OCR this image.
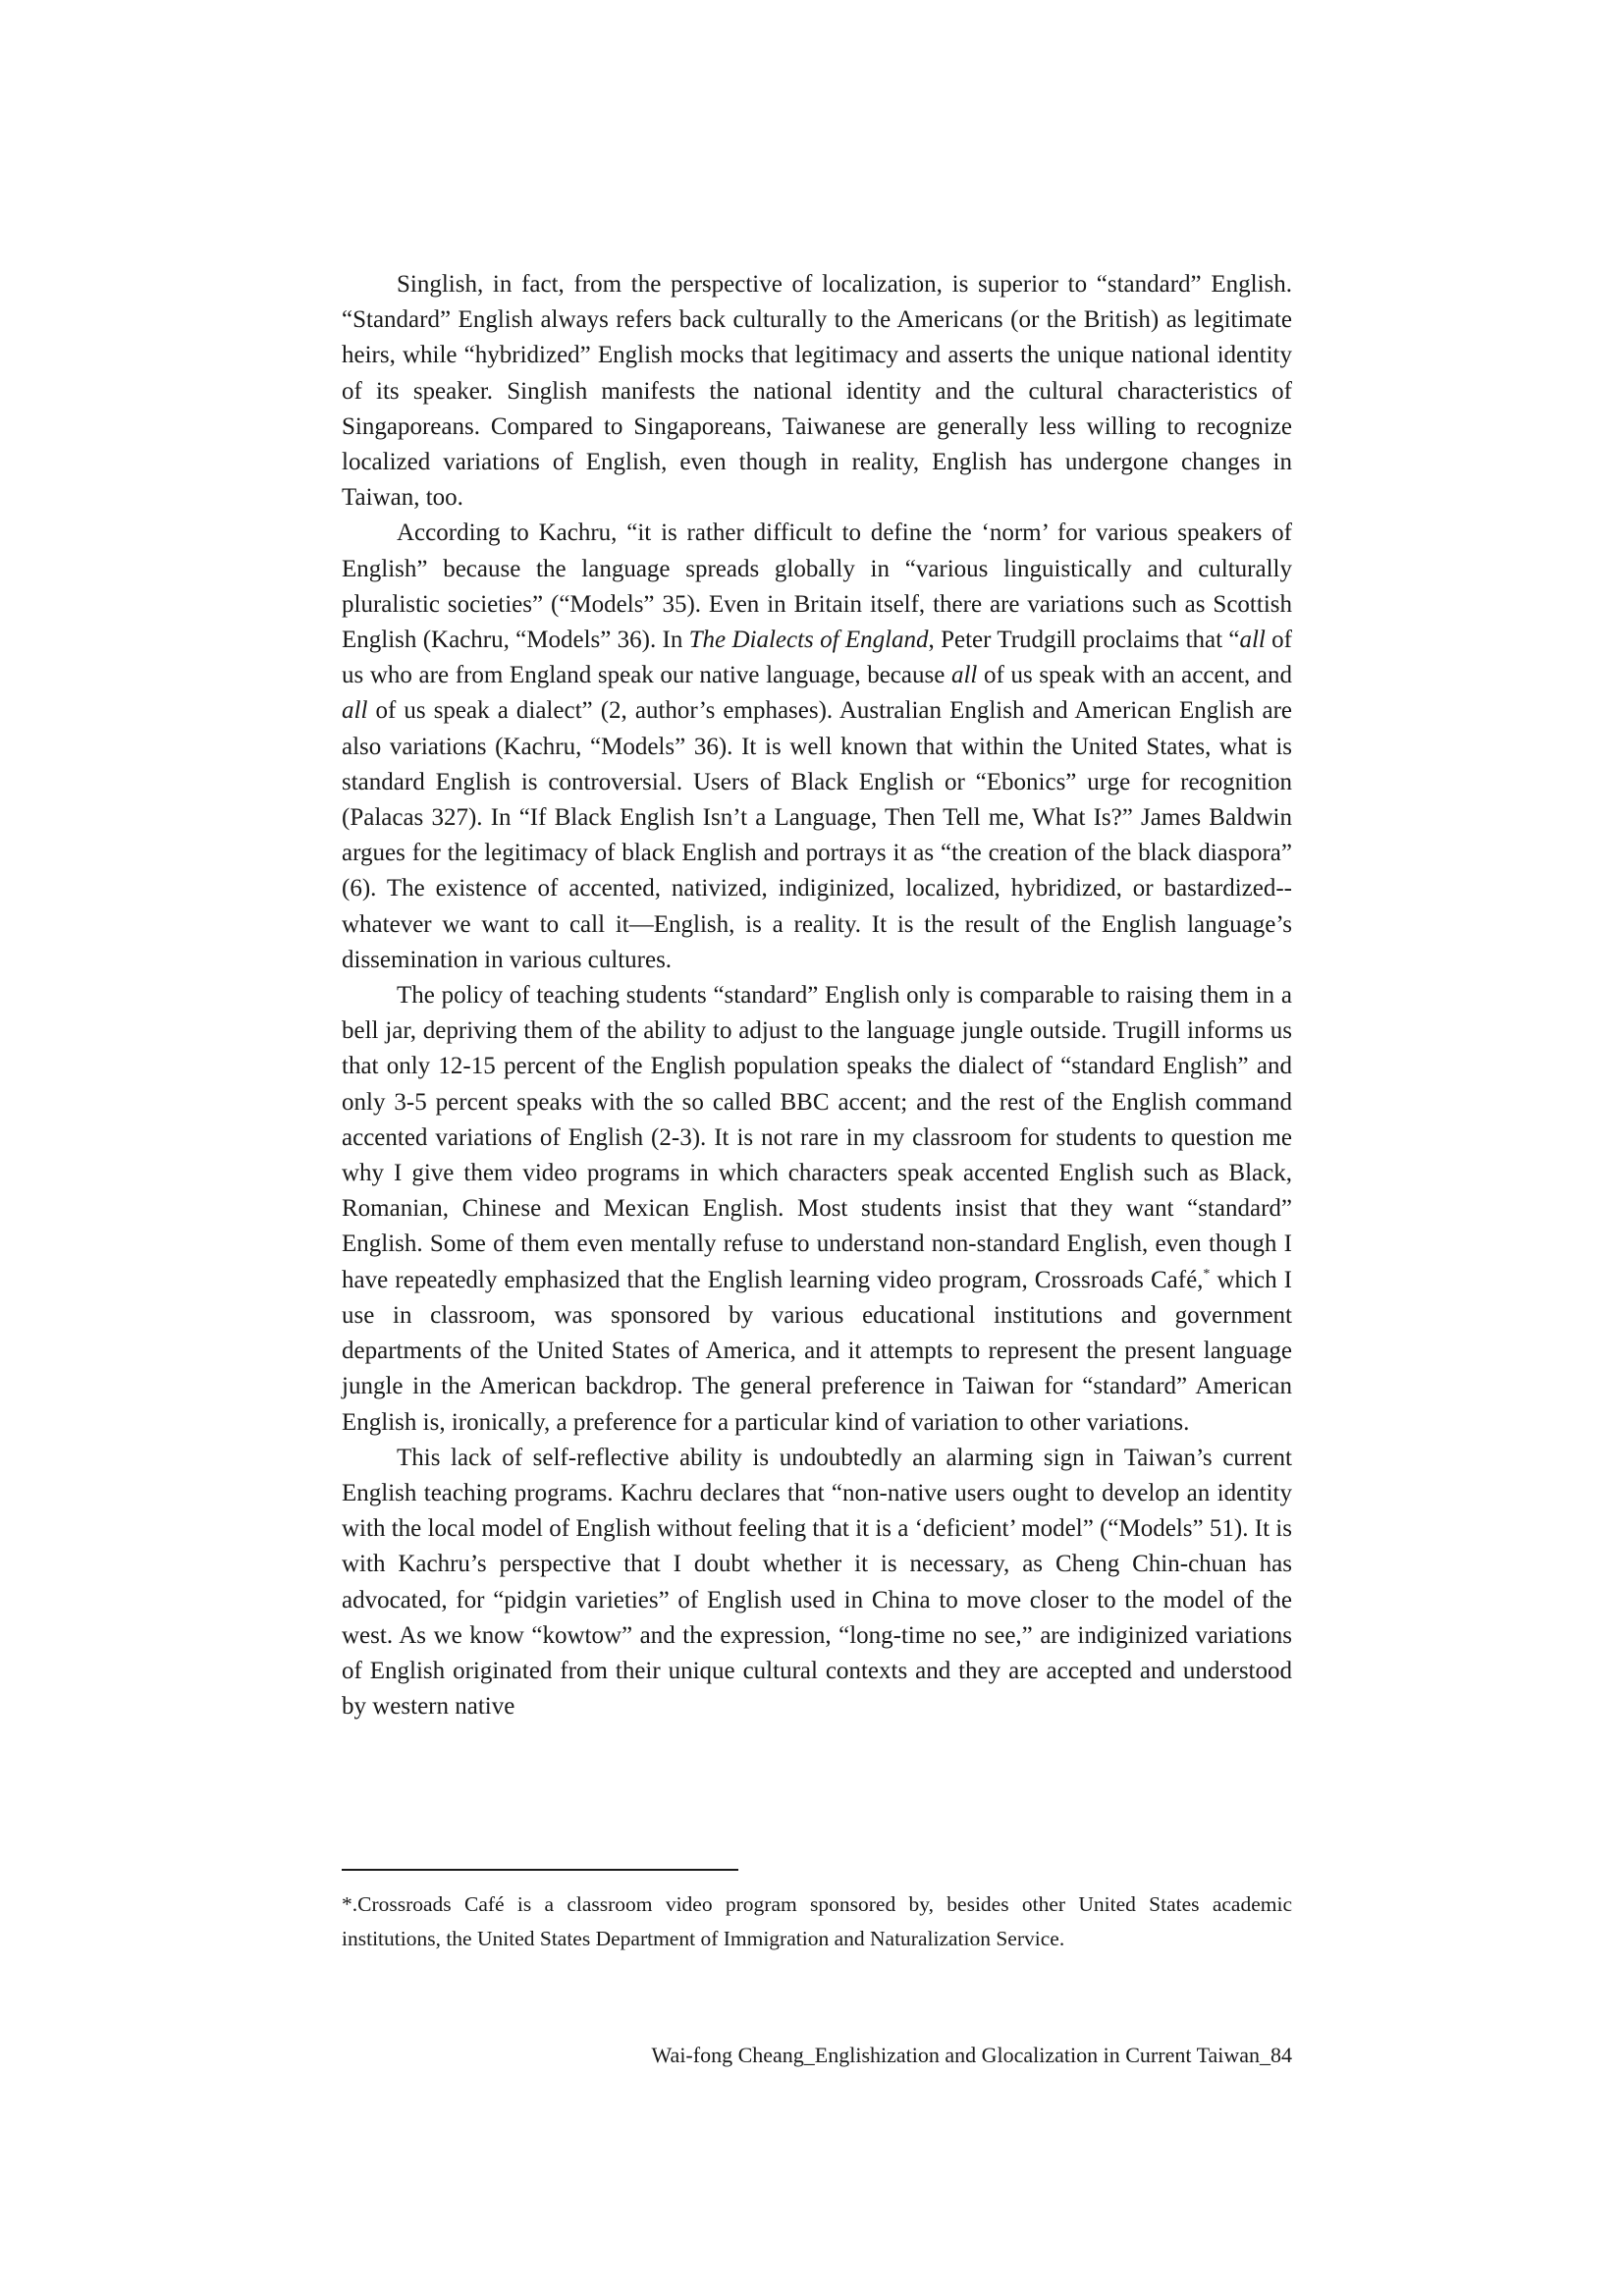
Singlish, in fact, from the perspective of localization, is superior to “standard” English. “Standard” English always refers back culturally to the Americans (or the British) as legitimate heirs, while “hybridized” English mocks that legitimacy and asserts the unique national identity of its speaker. Singlish manifests the national identity and the cultural characteristics of Singaporeans. Compared to Singaporeans, Taiwanese are generally less willing to recognize localized variations of English, even though in reality, English has undergone changes in Taiwan, too.

According to Kachru, “it is rather difficult to define the ‘norm’ for various speakers of English” because the language spreads globally in “various linguistically and culturally pluralistic societies” (“Models” 35). Even in Britain itself, there are variations such as Scottish English (Kachru, “Models” 36). In The Dialects of England, Peter Trudgill proclaims that “all of us who are from England speak our native language, because all of us speak with an accent, and all of us speak a dialect” (2, author’s emphases). Australian English and American English are also variations (Kachru, “Models” 36). It is well known that within the United States, what is standard English is controversial. Users of Black English or “Ebonics” urge for recognition (Palacas 327). In “If Black English Isn’t a Language, Then Tell me, What Is?” James Baldwin argues for the legitimacy of black English and portrays it as “the creation of the black diaspora” (6). The existence of accented, nativized, indiginized, localized, hybridized, or bastardized--whatever we want to call it—English, is a reality. It is the result of the English language’s dissemination in various cultures.

The policy of teaching students “standard” English only is comparable to raising them in a bell jar, depriving them of the ability to adjust to the language jungle outside. Trugill informs us that only 12-15 percent of the English population speaks the dialect of “standard English” and only 3-5 percent speaks with the so called BBC accent; and the rest of the English command accented variations of English (2-3). It is not rare in my classroom for students to question me why I give them video programs in which characters speak accented English such as Black, Romanian, Chinese and Mexican English. Most students insist that they want “standard” English. Some of them even mentally refuse to understand non-standard English, even though I have repeatedly emphasized that the English learning video program, Crossroads Café,* which I use in classroom, was sponsored by various educational institutions and government departments of the United States of America, and it attempts to represent the present language jungle in the American backdrop. The general preference in Taiwan for “standard” American English is, ironically, a preference for a particular kind of variation to other variations.

This lack of self-reflective ability is undoubtedly an alarming sign in Taiwan’s current English teaching programs. Kachru declares that “non-native users ought to develop an identity with the local model of English without feeling that it is a ‘deficient’ model” (“Models” 51). It is with Kachru’s perspective that I doubt whether it is necessary, as Cheng Chin-chuan has advocated, for “pidgin varieties” of English used in China to move closer to the model of the west. As we know “kowtow” and the expression, “long-time no see,” are indiginized variations of English originated from their unique cultural contexts and they are accepted and understood by western native

*.Crossroads Café is a classroom video program sponsored by, besides other United States academic institutions, the United States Department of Immigration and Naturalization Service.

Wai-fong Cheang_Englishization and Glocalization in Current Taiwan_84
